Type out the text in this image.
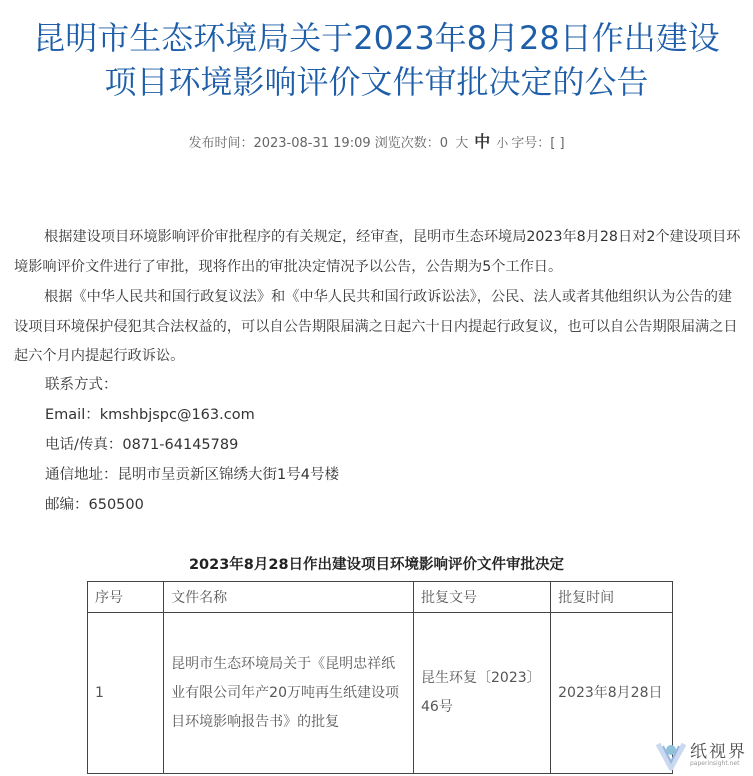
昆明市生态环境局关于2023年8月28日作出建设
项目环境影响评价文件审批决定的公告
发布时间：2023-08-31 19:09 浏览次数：0 大 中 小 字号：[ ]

根据建设项目环境影响评价审批程序的有关规定，经审查，昆明市生态环境局2023年8月28日对2个建设项目环境影响评价文件进行了审批，现将作出的审批决定情况予以公告，公告期为5个工作日。

根据《中华人民共和国行政复议法》和《中华人民共和国行政诉讼法》，公民、法人或者其他组织认为公告的建设项目环境保护侵犯其合法权益的，可以自公告期限届满之日起六十日内提起行政复议，也可以自公告期限届满之日起六个月内提起行政诉讼。

联系方式：
Email：kmshbjspc@163.com
电话/传真：0871-64145789
通信地址：昆明市呈贡新区锦绣大街1号4号楼
邮编：650500
2023年8月28日作出建设项目环境影响评价文件审批决定
序号	文件名称	批复文号	批复时间
1	昆明市生态环境局关于《昆明忠祥纸业有限公司年产20万吨再生纸建设项目环境影响报告书》的批复	昆生环复〔2023〕46号	2023年8月28日
纸视界
paperinsight.net
